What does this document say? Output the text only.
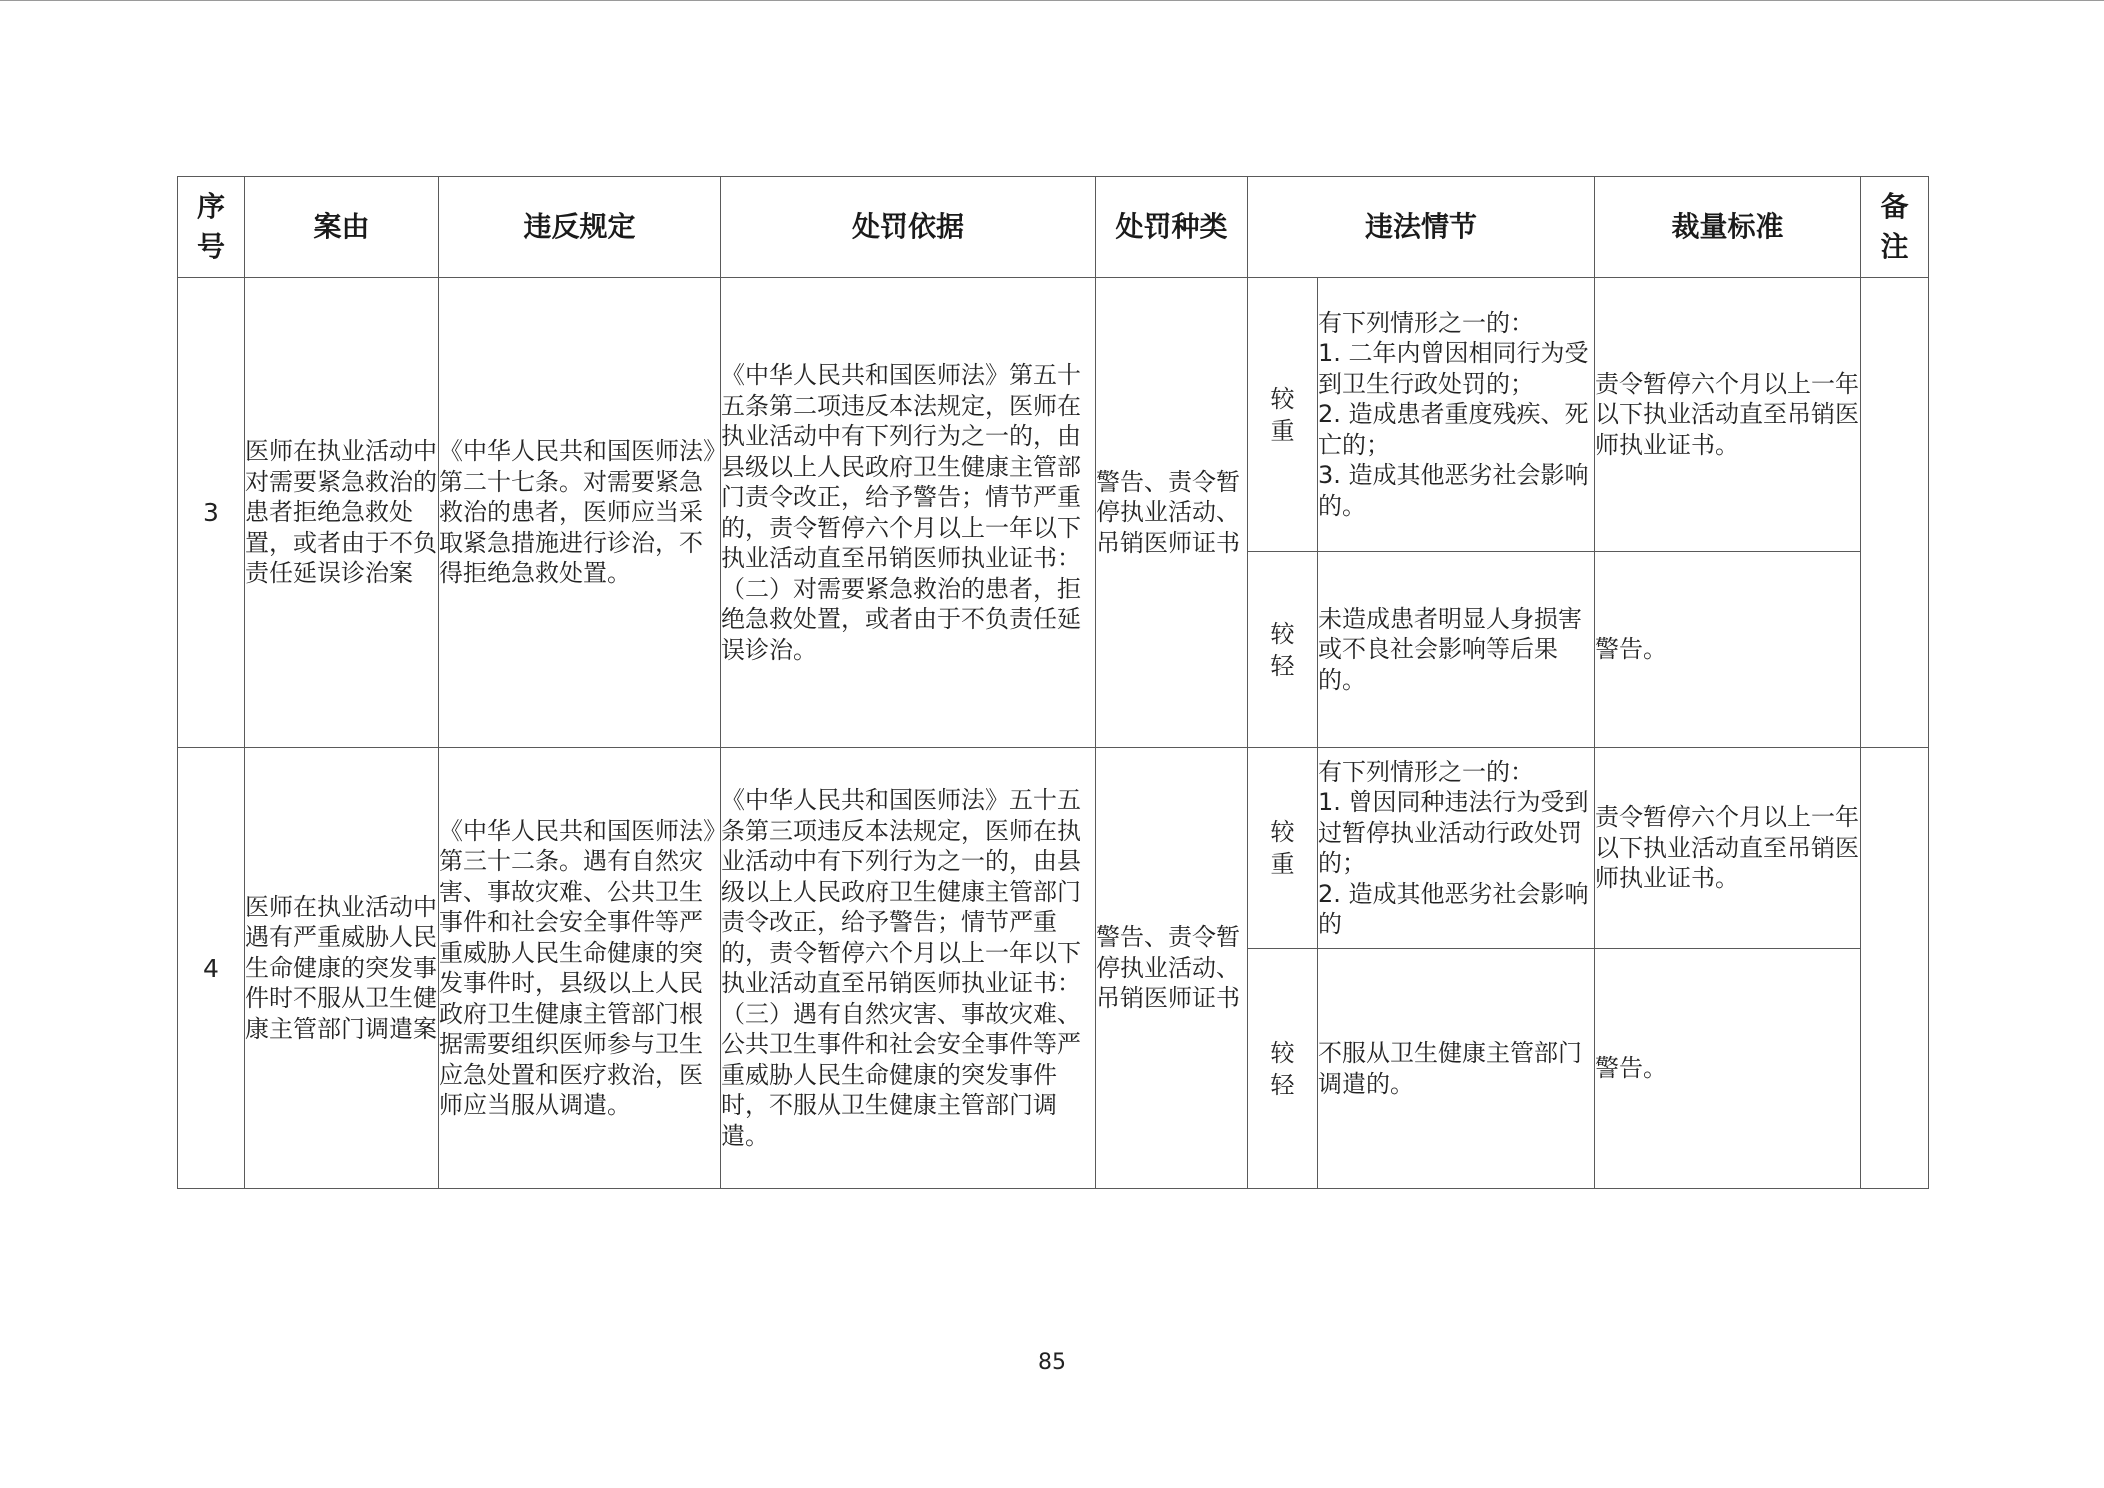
序号	案由	违反规定	处罚依据	处罚种类	违法情节		裁量标准	备注
3	医师在执业活动中对需要紧急救治的患者拒绝急救处置，或者由于不负责任延误诊治案	《中华人民共和国医师法》第二十七条。对需要紧急救治的患者，医师应当采取紧急措施进行诊治，不得拒绝急救处置。	《中华人民共和国医师法》第五十五条第二项违反本法规定，医师在执业活动中有下列行为之一的，由县级以上人民政府卫生健康主管部门责令改正，给予警告；情节严重的，责令暂停六个月以上一年以下执业活动直至吊销医师执业证书：（二）对需要紧急救治的患者，拒绝急救处置，或者由于不负责任延误诊治。	警告、责令暂停执业活动、吊销医师证书	较重	有下列情形之一的：
1. 二年内曾因相同行为受到卫生行政处罚的；
2. 造成患者重度残疾、死亡的；
3. 造成其他恶劣社会影响的。	责令暂停六个月以上一年以下执业活动直至吊销医师执业证书。	
					较轻	未造成患者明显人身损害或不良社会影响等后果的。	警告。	
4	医师在执业活动中遇有严重威胁人民生命健康的突发事件时不服从卫生健康主管部门调遣案	《中华人民共和国医师法》第三十二条。遇有自然灾害、事故灾难、公共卫生事件和社会安全事件等严重威胁人民生命健康的突发事件时，县级以上人民政府卫生健康主管部门根据需要组织医师参与卫生应急处置和医疗救治，医师应当服从调遣。	《中华人民共和国医师法》五十五条第三项违反本法规定，医师在执业活动中有下列行为之一的，由县级以上人民政府卫生健康主管部门责令改正，给予警告；情节严重的，责令暂停六个月以上一年以下执业活动直至吊销医师执业证书：（三）遇有自然灾害、事故灾难、公共卫生事件和社会安全事件等严重威胁人民生命健康的突发事件时，不服从卫生健康主管部门调遣。	警告、责令暂停执业活动、吊销医师证书	较重	有下列情形之一的：
1. 曾因同种违法行为受到过暂停执业活动行政处罚的；
2. 造成其他恶劣社会影响的	责令暂停六个月以上一年以下执业活动直至吊销医师执业证书。	
					较轻	不服从卫生健康主管部门调遣的。	警告。	
85
